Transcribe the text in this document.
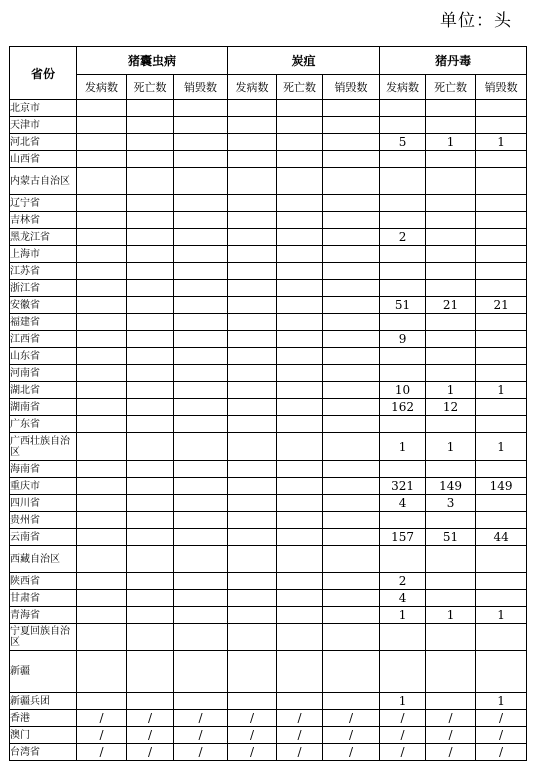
单位：头
省份	猪囊虫病			炭疽			猪丹毒		
	发病数	死亡数	销毁数	发病数	死亡数	销毁数	发病数	死亡数	销毁数
北京市									
天津市									
河北省							5	1	1
山西省									
内蒙古自治区									
辽宁省									
吉林省									
黑龙江省							2		
上海市									
江苏省									
浙江省									
安徽省							51	21	21
福建省									
江西省							9		
山东省									
河南省									
湖北省							10	1	1
湖南省							162	12	
广东省									
广西壮族自治区							1	1	1
海南省									
重庆市							321	149	149
四川省							4	3	
贵州省									
云南省							157	51	44
西藏自治区									
陕西省							2		
甘肃省							4		
青海省							1	1	1
宁夏回族自治区									
新疆									
新疆兵团							1		1
香港	/	/	/	/	/	/	/	/	/
澳门	/	/	/	/	/	/	/	/	/
台湾省	/	/	/	/	/	/	/	/	/
